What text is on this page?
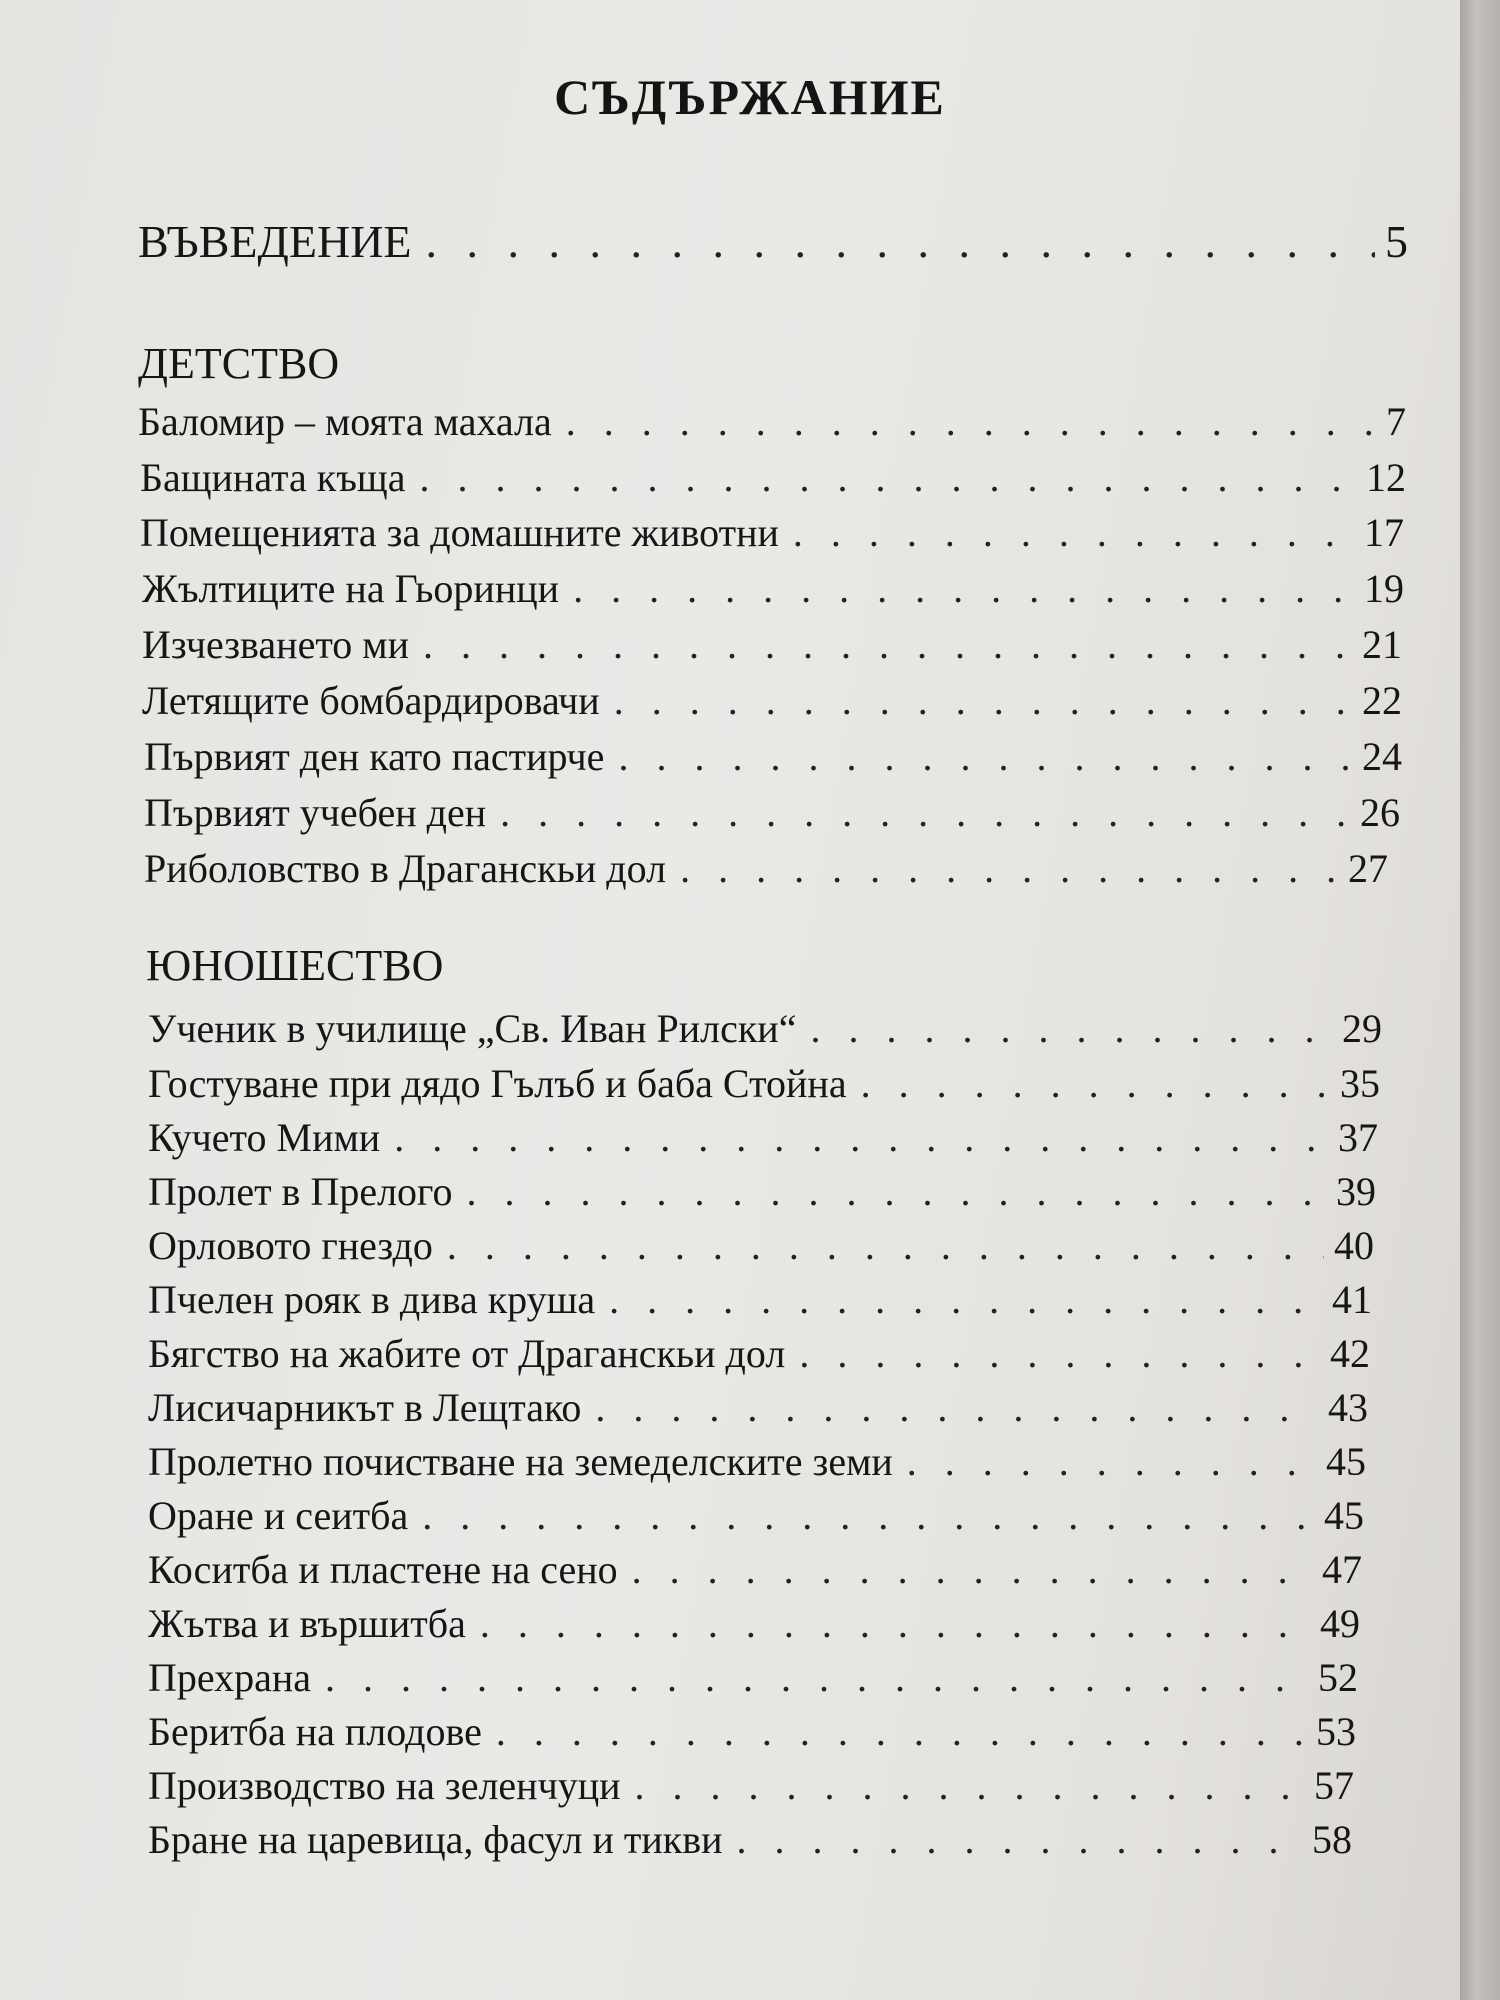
СЪДЪРЖАНИЕ
ВЪВЕДЕНИЕ . . .	5
ДЕТСТВО
Баломир – моята махала . . .	7
Бащината къща . . .	12
Помещенията за домашните животни . . .	17
Жълтиците на Гьоринци . . .	19
Изчезването ми . . .	21
Летящите бомбардировачи . . .	22
Първият ден като пастирче . . .	24
Първият учебен ден . . .	26
Риболовство в Драганскьи дол . . .	27
ЮНОШЕСТВО
Ученик в училище „Св. Иван Рилски“ . . .	29
Гостуване при дядо Гълъб и баба Стойна . . .	35
Кучето Мими . . .	37
Пролет в Прелого . . .	39
Орловото гнездо . . .	40
Пчелен рояк в дива круша . . .	41
Бягство на жабите от Драганскьи дол . . .	42
Лисичарникът в Лещтако . . .	43
Пролетно почистване на земеделските земи . . .	45
Оране и сеитба . . .	45
Коситба и пластене на сено . . .	47
Жътва и вършитба . . .	49
Прехрана . . .	52
Беритба на плодове . . .	53
Производство на зеленчуци . . .	57
Бране на царевица, фасул и тикви . . .	58
